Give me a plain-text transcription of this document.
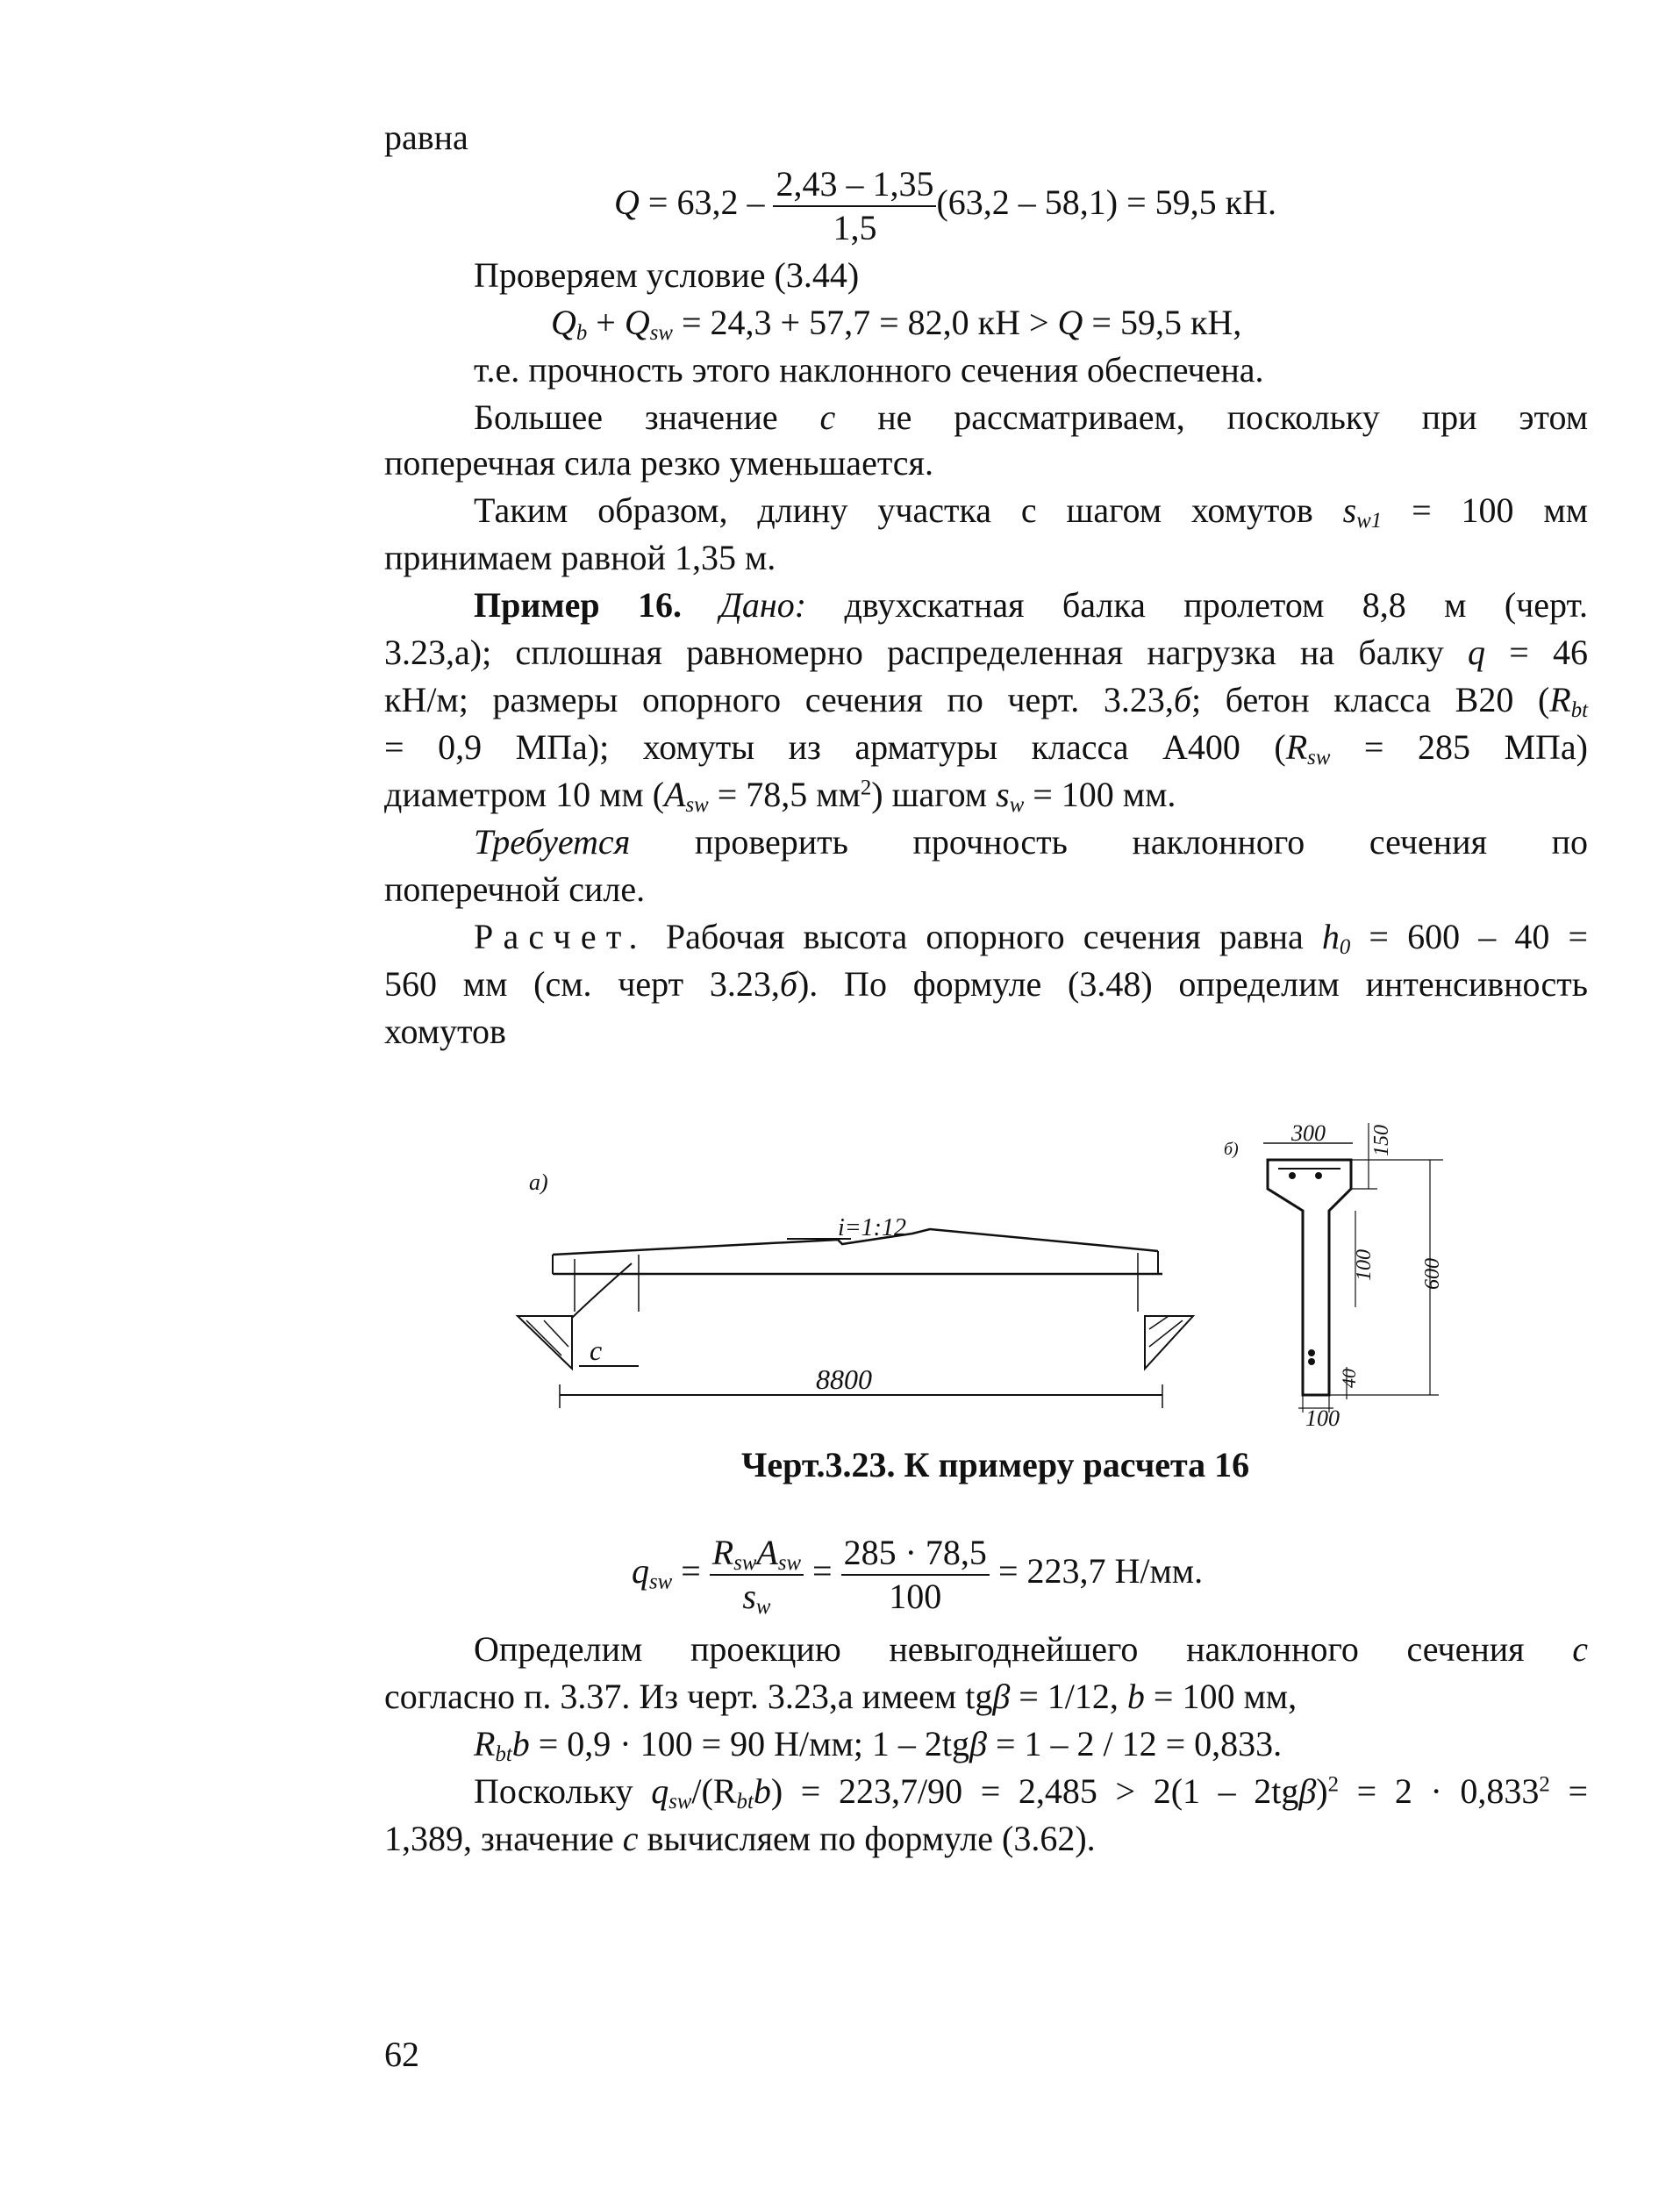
равна
$Q = 63,2 - \frac{2,43 - 1,35}{1,5} (63,2 - 58,1) = 59,5$ кН.
Проверяем условие (3.44)
$Q_b + Q_{sw} = 24,3 + 57,7 = 82,0$ кН > Q = 59,5 кН,
т.е. прочность этого наклонного сечения обеспечена.
Большее значение c не рассматриваем, поскольку при этом
поперечная сила резко уменьшается.
Таким образом, длину участка с шагом хомутов $s_{w1} = 100$ мм
принимаем равной 1,35 м.
Пример 16. Дано: двухскатная балка пролетом 8,8 м (черт.
3.23,а); сплошная равномерно распределенная нагрузка на балку q = 46
кН/м; размеры опорного сечения по черт. 3.23,б; бетон класса В20 ($R_{bt}$
= 0,9 МПа); хомуты из арматуры класса А400 ($R_{sw} = 285$ МПа)
диаметром 10 мм ($A_{sw} = 78,5$ $мм^2$) шагом $s_w = 100$ мм.
Требуется проверить прочность наклонного сечения по
поперечной силе.
Расчет. Рабочая высота опорного сечения равна $h_0 = 600 - 40$ =
560 мм (см. черт 3.23,б). По формуле (3.48) определим интенсивность
хомутов
а)
i=1:12
c
8800
б)
300 150
100 600
40
100
Черт.3.23. К примеру расчета 16
$q_{sw} = \frac{R_{sw}A_{sw}}{s_w} = \frac{285 \cdot 78,5}{100} = 223,7$ Н/мм.
Определим проекцию невыгоднейшего наклонного сечения c
согласно п. 3.37. Из черт. 3.23,а имеем tgβ = 1/12, b = 100 мм,
$R_{bt}b = 0,9 \cdot 100 = 90$ Н/мм; 1 – 2tgβ = 1 – 2 / 12 = 0,833.
Поскольку $q_{sw}/(R_{bt}b) = 223,7/90 = 2,485 > 2(1 - 2tg\beta)^2 = 2 \cdot 0,833^2$ =
1,389, значение c вычисляем по формуле (3.62).
62
